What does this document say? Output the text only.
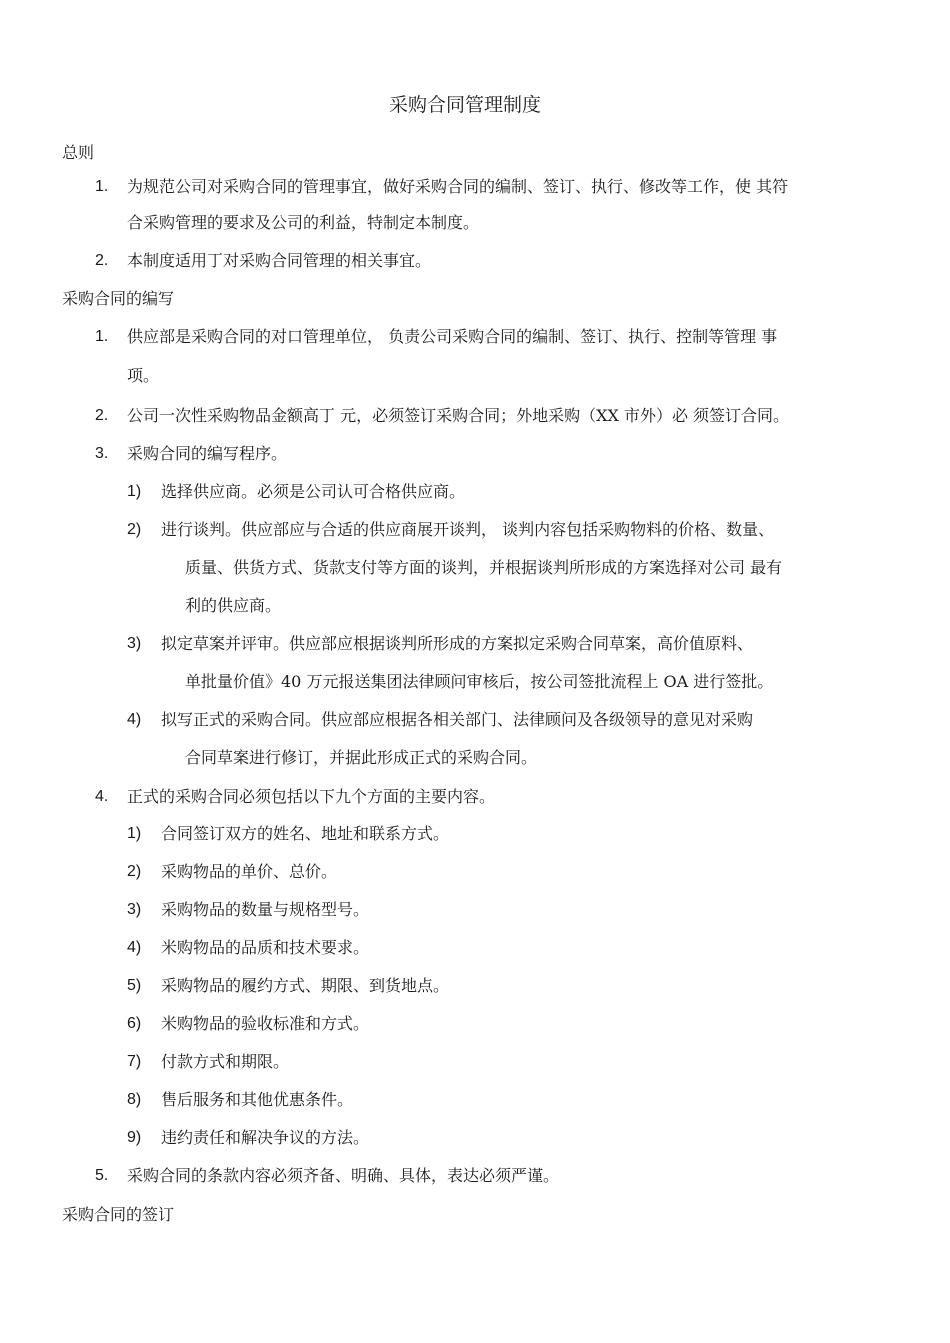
采购合同管理制度
总则
1. 为规范公司对采购合同的管理事宜，做好采购合同的编制、签订、执行、修改等工作，使 其符
合采购管理的要求及公司的利益，特制定本制度。
2. 本制度适用丁对采购合同管理的相关事宜。
采购合同的编写
1. 供应部是采购合同的对口管理单位， 负责公司采购合同的编制、签订、执行、控制等管理 事
项。
2. 公司一次性采购物品金额高丁 元，必须签订采购合同；外地采购（XX 市外）必 须签订合同。
3. 采购合同的编写程序。
1) 选择供应商。必须是公司认可合格供应商。
2) 进行谈判。供应部应与合适的供应商展开谈判， 谈判内容包括采购物料的价格、数量、
质量、供货方式、货款支付等方面的谈判，并根据谈判所形成的方案选择对公司 最有
利的供应商。
3) 拟定草案并评审。供应部应根据谈判所形成的方案拟定采购合同草案，高价值原料、
单批量价值》40 万元报送集团法律顾问审核后，按公司签批流程上 OA 进行签批。
4) 拟写正式的采购合同。供应部应根据各相关部门、法律顾问及各级领导的意见对采购
合同草案进行修订，并据此形成正式的采购合同。
4. 正式的采购合同必须包括以下九个方面的主要内容。
1) 合同签订双方的姓名、地址和联系方式。
2) 采购物品的单价、总价。
3) 采购物品的数量与规格型号。
4) 米购物品的品质和技术要求。
5) 采购物品的履约方式、期限、到货地点。
6) 米购物品的验收标准和方式。
7) 付款方式和期限。
8) 售后服务和其他优惠条件。
9) 违约责任和解决争议的方法。
5. 采购合同的条款内容必须齐备、明确、具体，表达必须严谨。
采购合同的签订
